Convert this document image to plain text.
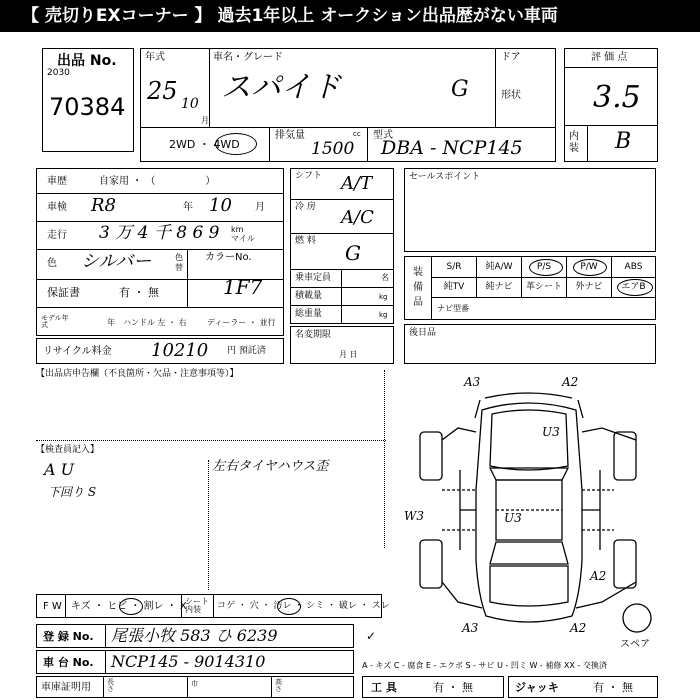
【 売切りEXコーナー 】 過去1年以上 オークション出品歴がない車両
出品 No.
2030
70384
年式
25 10
月
車名・グレード
スパイド	G
ドア
形状
2WD ・ 4WD
排気量	cc
1500
型式
DBA - NCP145
評 価 点
3.5
内装 B
車歴	自家用 ・ （　　　　　）
車検 R8	年 10 月
走行 3 万 4 千 8 6 9 km
マイル
色 シルバー	色替
カラーNo.
1F7
保証書	有 ・ 無
モデル年 式	年 ハンドル 左 ・ 右	ディーラー ・ 並行
リサイクル料金 10210 円 預託済
シフト A/T
冷 房 A/C
燃 料 G
乗車定員	名
積載量	kg
総重量	kg
名変期限
月 日
セールスポイント
装 備 品
S/R	純A/W	P/S	P/W	ABS
純TV	純ナビ	革シート	外ナビ	エアB
ナビ型番
後日品
【出品店申告欄（不良箇所・欠品・注意事項等）】
【検査員記入】
A U
下回り S
左右タイヤハウス歪
A3	A2
U3
W3	U3
A2
A3	A2
スペア
F W キズ ・ ヒビ ・ 割レ ・ X
シート 内装	コゲ ・ 穴 ・ 汚レ ・ シミ ・ 破レ ・ スレ
登 録 No. 尾張小牧 583 ひ 6239	✓
車 台 No. NCP145 - 9014310
車庫証明用 長さ
巾	高さ
A - キズ C - 腐食 E - エクボ S - サビ U - 凹ミ W - 補修 XX - 交換済
工 具	有 ・ 無	ジャッキ	有 ・ 無
